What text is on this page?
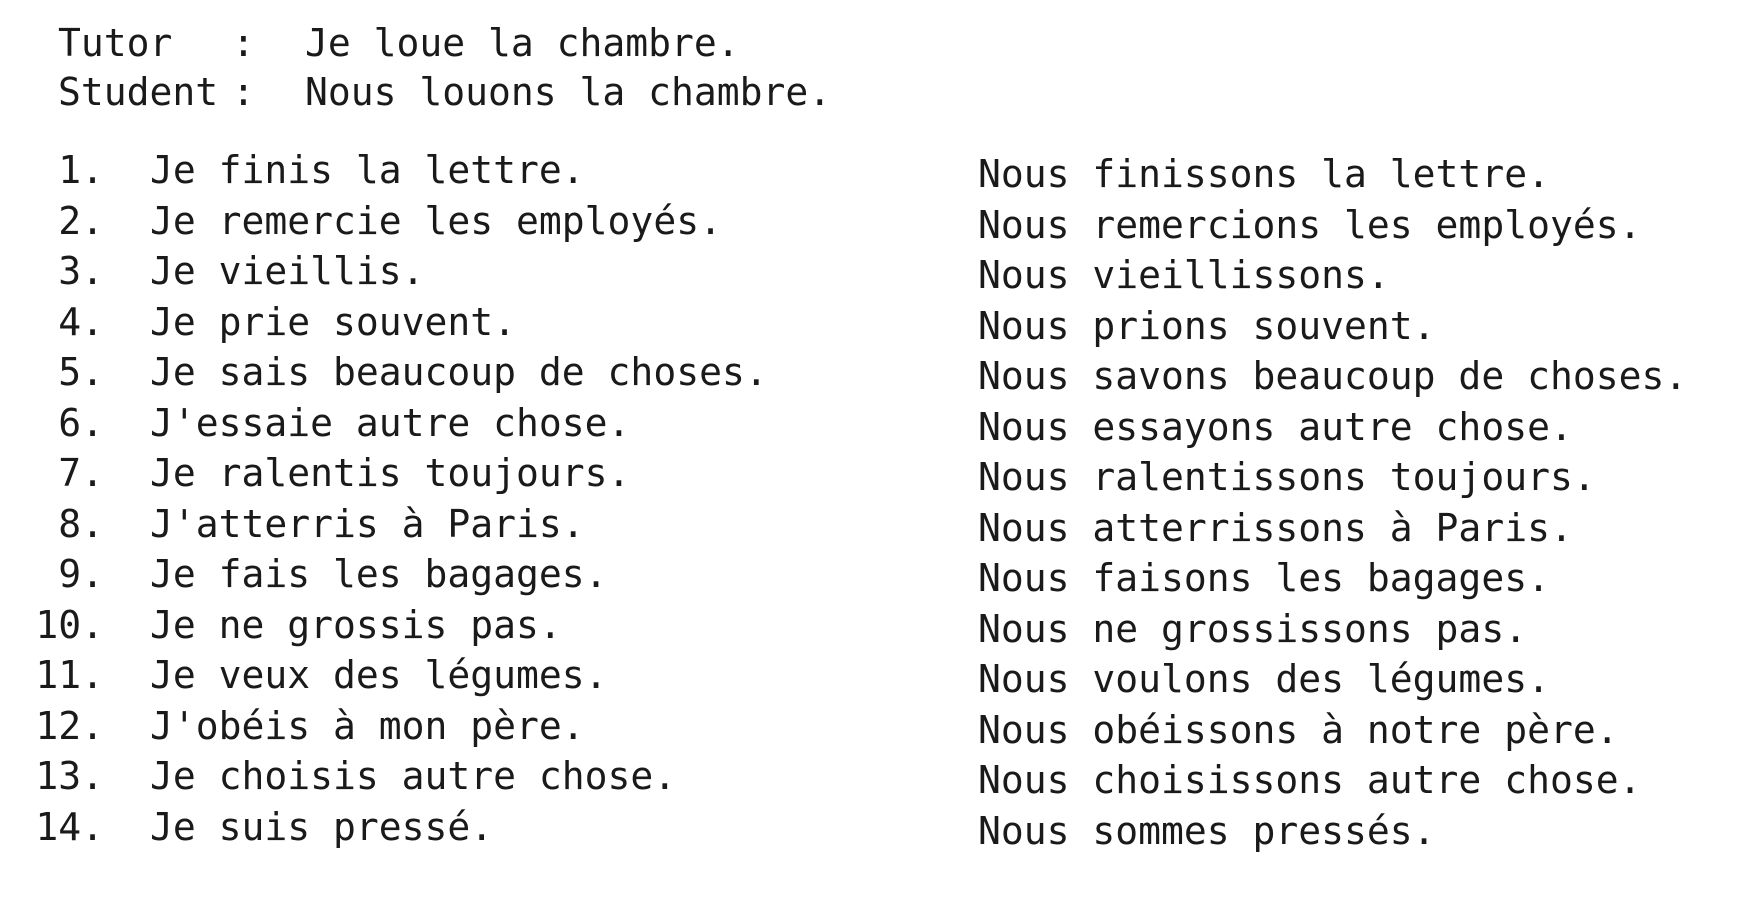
Tutor : Je loue la chambre.
Student : Nous louons la chambre.
1. Je finis la lettre.	Nous finissons la lettre.
2. Je remercie les employés.	Nous remercions les employés.
3. Je vieillis.	Nous vieillissons.
4. Je prie souvent.	Nous prions souvent.
5. Je sais beaucoup de choses.	Nous savons beaucoup de choses.
6. J'essaie autre chose.	Nous essayons autre chose.
7. Je ralentis toujours.	Nous ralentissons toujours.
8. J'atterris à Paris.	Nous atterrissons à Paris.
9. Je fais les bagages.	Nous faisons les bagages.
10. Je ne grossis pas.	Nous ne grossissons pas.
11. Je veux des légumes.	Nous voulons des légumes.
12. J'obéis à mon père.	Nous obéissons à notre père.
13. Je choisis autre chose.	Nous choisissons autre chose.
14. Je suis pressé.	Nous sommes pressés.
